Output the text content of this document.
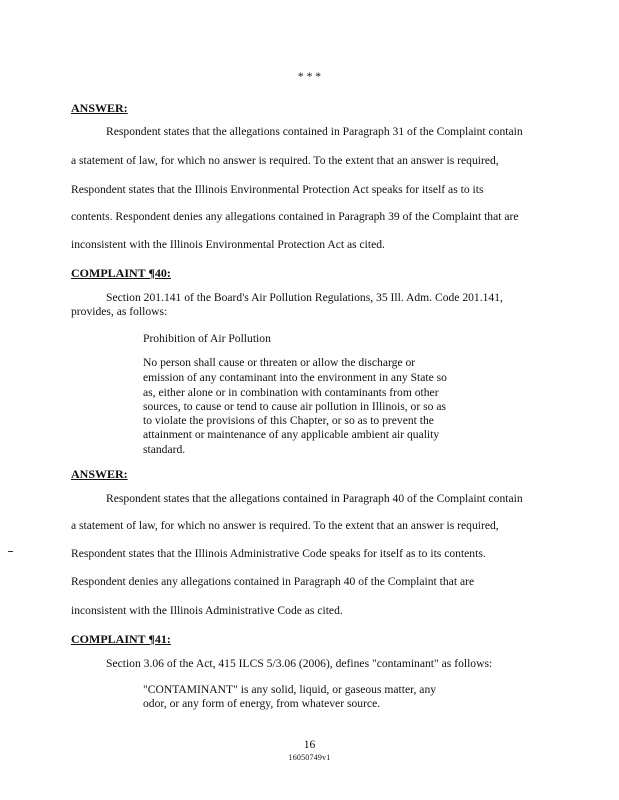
* * *
ANSWER:
Respondent states that the allegations contained in Paragraph 31 of the Complaint contain
a statement of law, for which no answer is required. To the extent that an answer is required,
Respondent states that the Illinois Environmental Protection Act speaks for itself as to its
contents. Respondent denies any allegations contained in Paragraph 39 of the Complaint that are
inconsistent with the Illinois Environmental Protection Act as cited.
COMPLAINT ¶40:
Section 201.141 of the Board's Air Pollution Regulations, 35 Ill. Adm. Code 201.141,
provides, as follows:
Prohibition of Air Pollution
No person shall cause or threaten or allow the discharge or
emission of any contaminant into the environment in any State so
as, either alone or in combination with contaminants from other
sources, to cause or tend to cause air pollution in Illinois, or so as
to violate the provisions of this Chapter, or so as to prevent the
attainment or maintenance of any applicable ambient air quality
standard.
ANSWER:
Respondent states that the allegations contained in Paragraph 40 of the Complaint contain
a statement of law, for which no answer is required. To the extent that an answer is required,
Respondent states that the Illinois Administrative Code speaks for itself as to its contents.
Respondent denies any allegations contained in Paragraph 40 of the Complaint that are
inconsistent with the Illinois Administrative Code as cited.
COMPLAINT ¶41:
Section 3.06 of the Act, 415 ILCS 5/3.06 (2006), defines "contaminant" as follows:
"CONTAMINANT" is any solid, liquid, or gaseous matter, any
odor, or any form of energy, from whatever source.
16
16050749v1
